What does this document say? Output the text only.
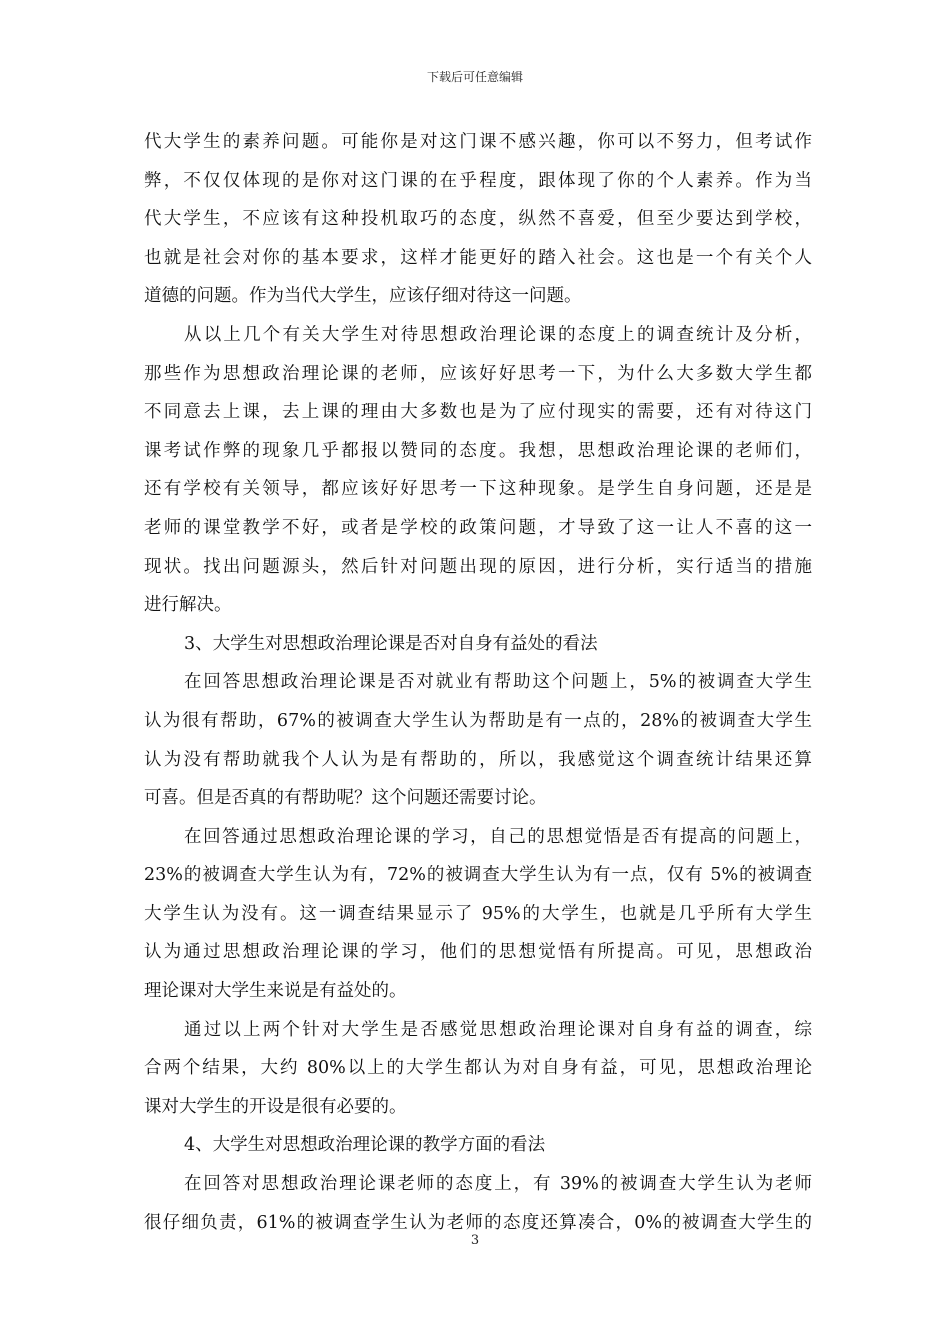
下载后可任意编辑
代大学生的素养问题。可能你是对这门课不感兴趣，你可以不努力，但考试作
弊，不仅仅体现的是你对这门课的在乎程度，跟体现了你的个人素养。作为当
代大学生，不应该有这种投机取巧的态度，纵然不喜爱，但至少要达到学校，
也就是社会对你的基本要求，这样才能更好的踏入社会。这也是一个有关个人
道德的问题。作为当代大学生，应该仔细对待这一问题。
从以上几个有关大学生对待思想政治理论课的态度上的调查统计及分析，
那些作为思想政治理论课的老师，应该好好思考一下，为什么大多数大学生都
不同意去上课，去上课的理由大多数也是为了应付现实的需要，还有对待这门
课考试作弊的现象几乎都报以赞同的态度。我想，思想政治理论课的老师们，
还有学校有关领导，都应该好好思考一下这种现象。是学生自身问题，还是是
老师的课堂教学不好，或者是学校的政策问题，才导致了这一让人不喜的这一
现状。找出问题源头，然后针对问题出现的原因，进行分析，实行适当的措施
进行解决。
3、大学生对思想政治理论课是否对自身有益处的看法
在回答思想政治理论课是否对就业有帮助这个问题上，5%的被调查大学生
认为很有帮助，67%的被调查大学生认为帮助是有一点的，28%的被调查大学生
认为没有帮助就我个人认为是有帮助的，所以，我感觉这个调查统计结果还算
可喜。但是否真的有帮助呢？这个问题还需要讨论。
在回答通过思想政治理论课的学习，自己的思想觉悟是否有提高的问题上，
23%的被调查大学生认为有，72%的被调查大学生认为有一点，仅有 5%的被调查
大学生认为没有。这一调查结果显示了 95%的大学生，也就是几乎所有大学生
认为通过思想政治理论课的学习，他们的思想觉悟有所提高。可见，思想政治
理论课对大学生来说是有益处的。
通过以上两个针对大学生是否感觉思想政治理论课对自身有益的调查，综
合两个结果，大约 80%以上的大学生都认为对自身有益，可见，思想政治理论
课对大学生的开设是很有必要的。
4、大学生对思想政治理论课的教学方面的看法
在回答对思想政治理论课老师的态度上，有 39%的被调查大学生认为老师
很仔细负责，61%的被调查学生认为老师的态度还算凑合，0%的被调查大学生的
3
